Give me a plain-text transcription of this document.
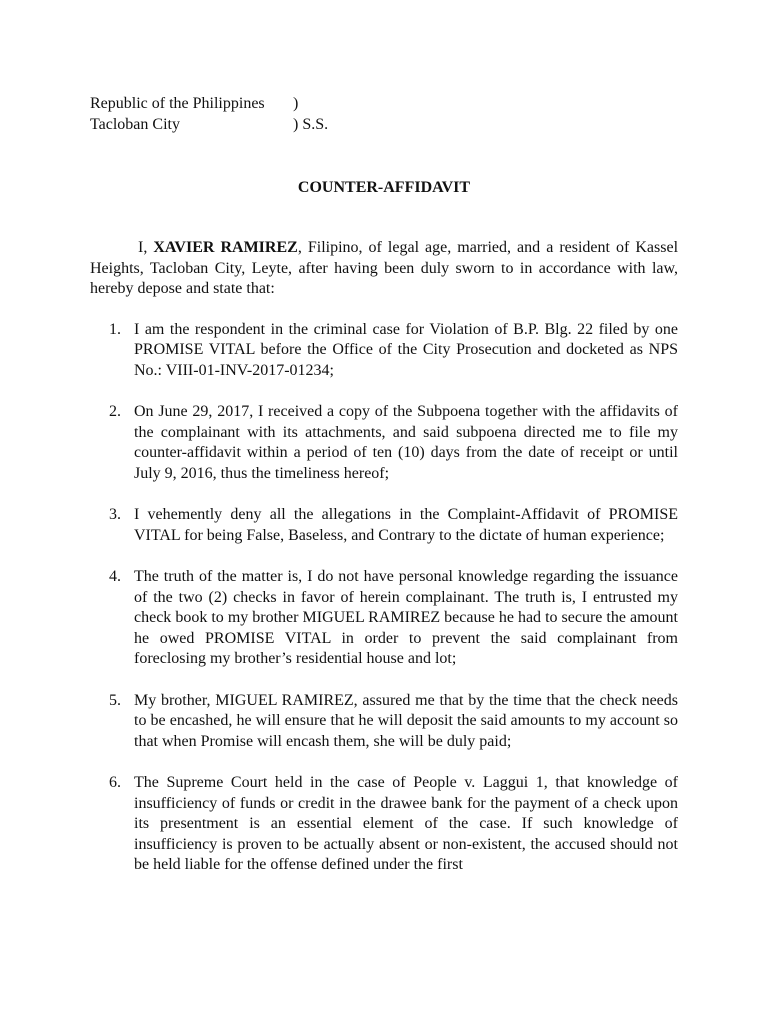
Republic of the Philippines	)
Tacloban City	) S.S.
COUNTER-AFFIDAVIT

I, XAVIER RAMIREZ, Filipino, of legal age, married, and a resident of Kassel Heights, Tacloban City, Leyte, after having been duly sworn to in accordance with law, hereby depose and state that:

1. I am the respondent in the criminal case for Violation of B.P. Blg. 22 filed by one PROMISE VITAL before the Office of the City Prosecution and docketed as NPS No.: VIII-01-INV-2017-01234;
2. On June 29, 2017, I received a copy of the Subpoena together with the affidavits of the complainant with its attachments, and said subpoena directed me to file my counter-affidavit within a period of ten (10) days from the date of receipt or until July 9, 2016, thus the timeliness hereof;
3. I vehemently deny all the allegations in the Complaint-Affidavit of PROMISE VITAL for being False, Baseless, and Contrary to the dictate of human experience;
4. The truth of the matter is, I do not have personal knowledge regarding the issuance of the two (2) checks in favor of herein complainant. The truth is, I entrusted my check book to my brother MIGUEL RAMIREZ because he had to secure the amount he owed PROMISE VITAL in order to prevent the said complainant from foreclosing my brother’s residential house and lot;
5. My brother, MIGUEL RAMIREZ, assured me that by the time that the check needs to be encashed, he will ensure that he will deposit the said amounts to my account so that when Promise will encash them, she will be duly paid;
6. The Supreme Court held in the case of People v. Laggui 1, that knowledge of insufficiency of funds or credit in the drawee bank for the payment of a check upon its presentment is an essential element of the case. If such knowledge of insufficiency is proven to be actually absent or non-existent, the accused should not be held liable for the offense defined under the first
